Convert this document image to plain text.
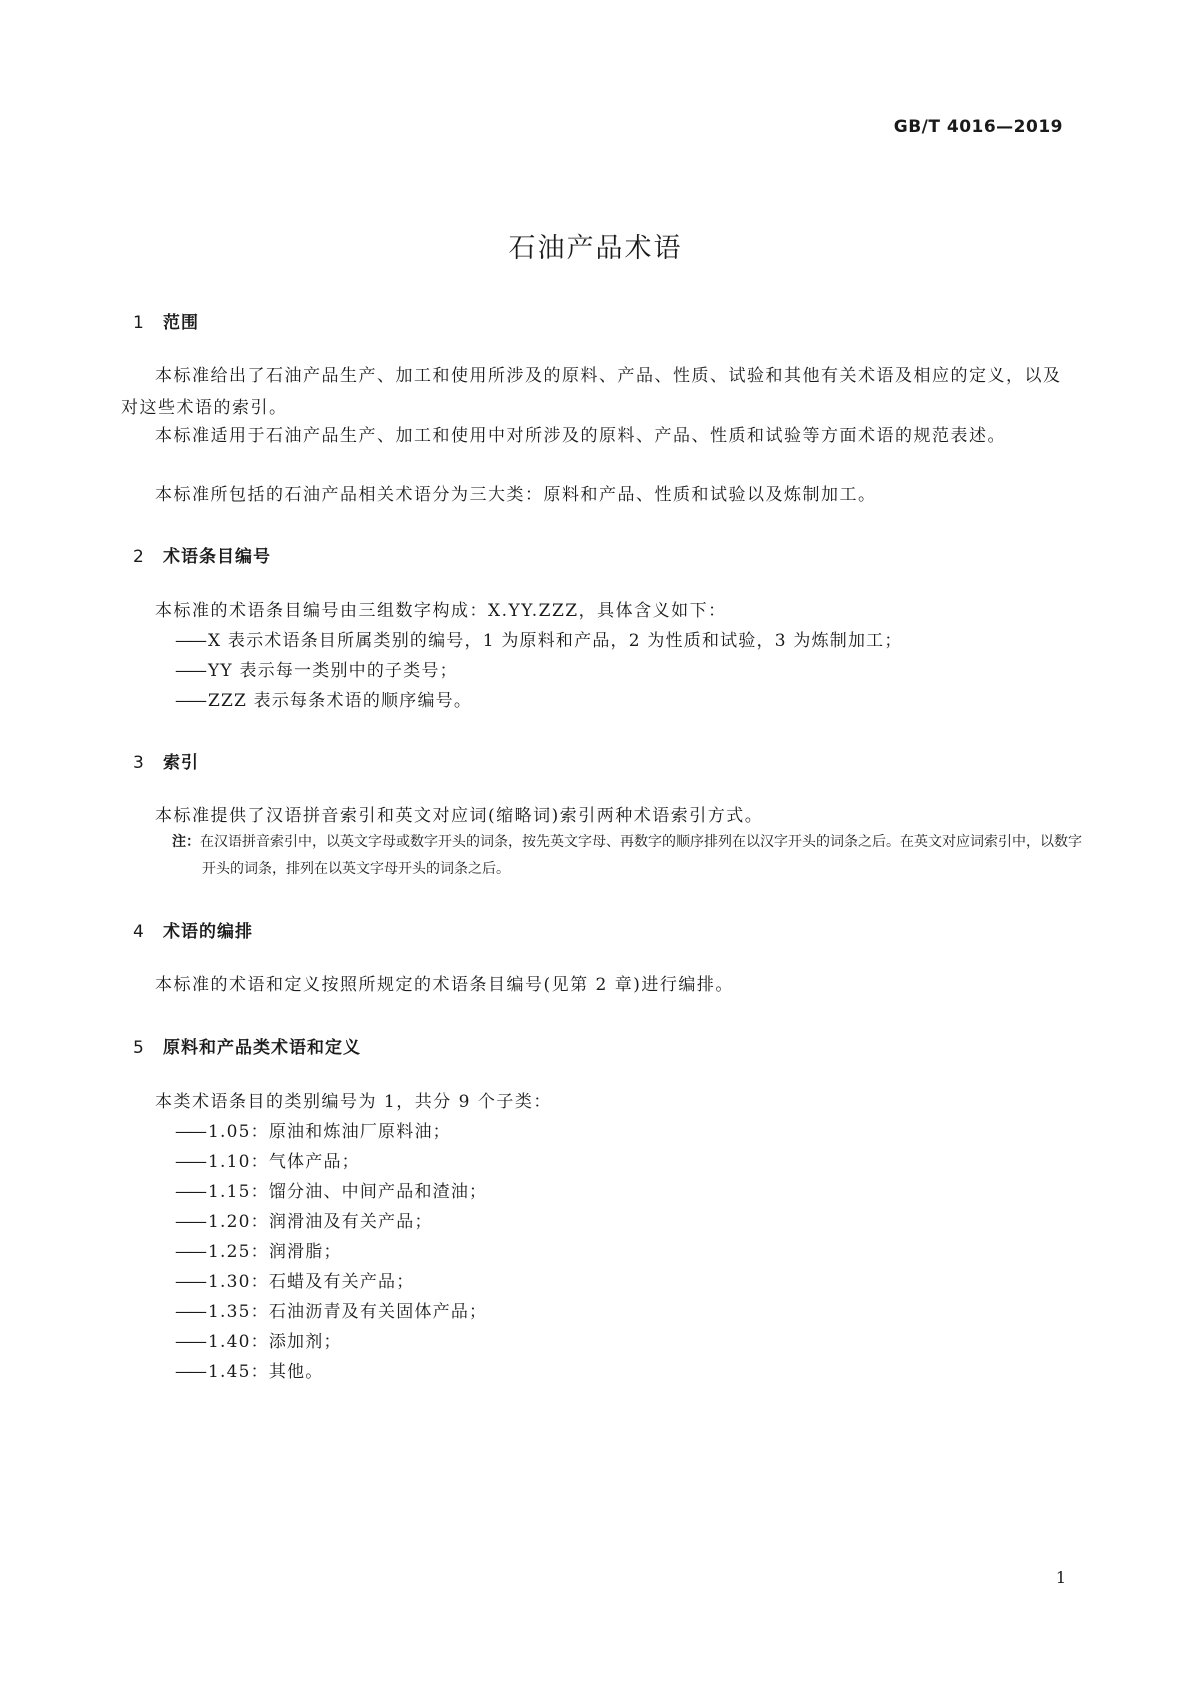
GB/T 4016—2019
石油产品术语
1 范围

本标准给出了石油产品生产、加工和使用所涉及的原料、产品、性质、试验和其他有关术语及相应的定义，以及对这些术语的索引。

本标准适用于石油产品生产、加工和使用中对所涉及的原料、产品、性质和试验等方面术语的规范表述。

本标准所包括的石油产品相关术语分为三大类：原料和产品、性质和试验以及炼制加工。

2 术语条目编号

本标准的术语条目编号由三组数字构成：X.YY.ZZZ，具体含义如下：

—— X 表示术语条目所属类别的编号，1 为原料和产品，2 为性质和试验，3 为炼制加工；

—— YY 表示每一类别中的子类号；

—— ZZZ 表示每条术语的顺序编号。

3 索引

本标准提供了汉语拼音索引和英文对应词(缩略词)索引两种术语索引方式。

注：在汉语拼音索引中，以英文字母或数字开头的词条，按先英文字母、再数字的顺序排列在以汉字开头的词条之后。在英文对应词索引中，以数字开头的词条，排列在以英文字母开头的词条之后。

4 术语的编排

本标准的术语和定义按照所规定的术语条目编号(见第 2 章)进行编排。

5 原料和产品类术语和定义

本类术语条目的类别编号为 1，共分 9 个子类：

—— 1.05：原油和炼油厂原料油；

—— 1.10：气体产品；

—— 1.15：馏分油、中间产品和渣油；

—— 1.20：润滑油及有关产品；

—— 1.25：润滑脂；

—— 1.30：石蜡及有关产品；

—— 1.35：石油沥青及有关固体产品；

—— 1.40：添加剂；

—— 1.45：其他。

1
